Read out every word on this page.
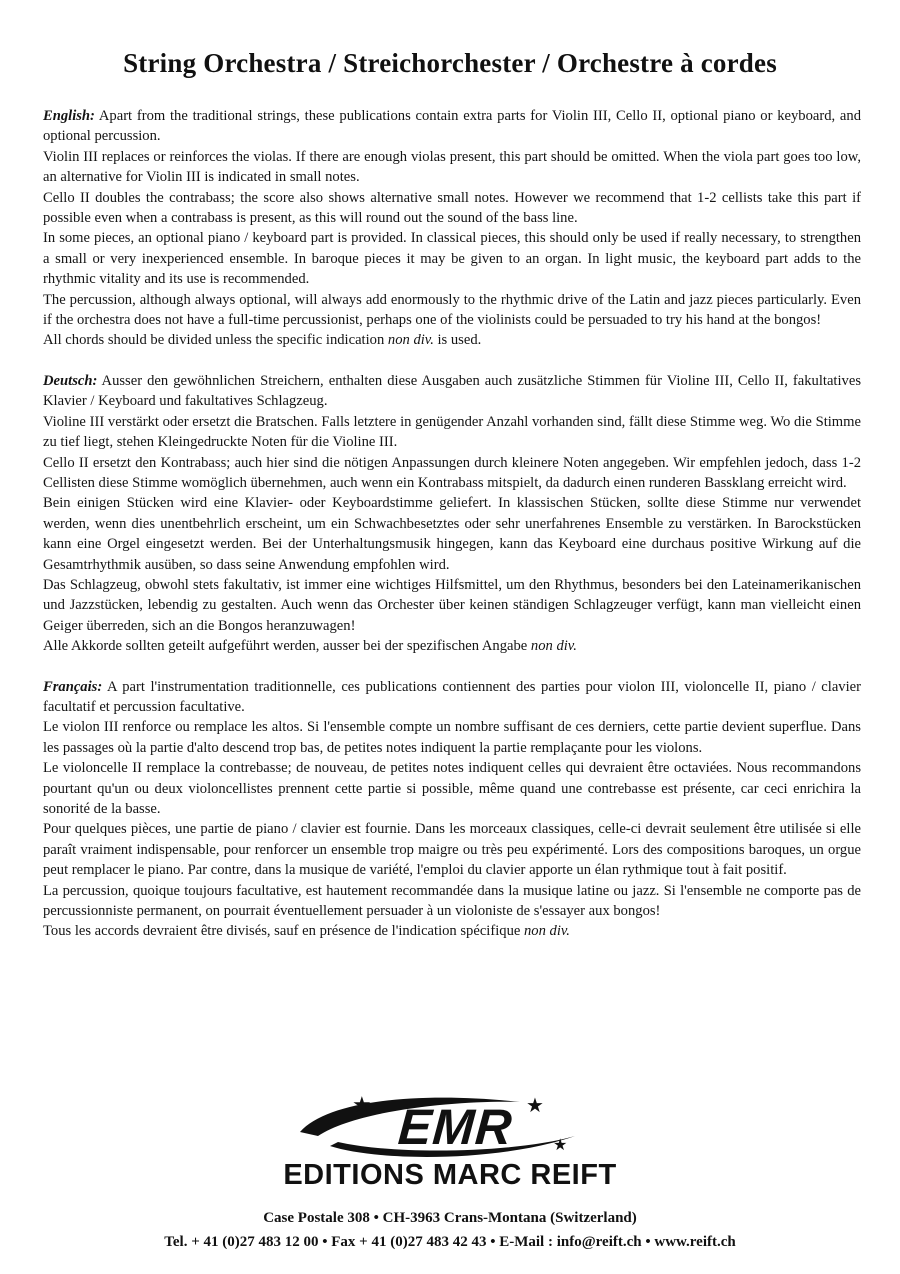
String Orchestra / Streichorchester / Orchestre à cordes

English: Apart from the traditional strings, these publications contain extra parts for Violin III, Cello II, optional piano or keyboard, and optional percussion.

Violin III replaces or reinforces the violas. If there are enough violas present, this part should be omitted. When the viola part goes too low, an alternative for Violin III is indicated in small notes.

Cello II doubles the contrabass; the score also shows alternative small notes. However we recommend that 1-2 cellists take this part if possible even when a contrabass is present, as this will round out the sound of the bass line.

In some pieces, an optional piano / keyboard part is provided. In classical pieces, this should only be used if really necessary, to strengthen a small or very inexperienced ensemble. In baroque pieces it may be given to an organ. In light music, the keyboard part adds to the rhythmic vitality and its use is recommended.

The percussion, although always optional, will always add enormously to the rhythmic drive of the Latin and jazz pieces particularly. Even if the orchestra does not have a full-time percussionist, perhaps one of the violinists could be persuaded to try his hand at the bongos!

All chords should be divided unless the specific indication non div. is used.

Deutsch: Ausser den gewöhnlichen Streichern, enthalten diese Ausgaben auch zusätzliche Stimmen für Violine III, Cello II, fakultatives Klavier / Keyboard und fakultatives Schlagzeug.

Violine III verstärkt oder ersetzt die Bratschen. Falls letztere in genügender Anzahl vorhanden sind, fällt diese Stimme weg. Wo die Stimme zu tief liegt, stehen Kleingedruckte Noten für die Violine III.

Cello II ersetzt den Kontrabass; auch hier sind die nötigen Anpassungen durch kleinere Noten angegeben. Wir empfehlen jedoch, dass 1-2 Cellisten diese Stimme womöglich übernehmen, auch wenn ein Kontrabass mitspielt, da dadurch einen runderen Bassklang erreicht wird.

Bein einigen Stücken wird eine Klavier- oder Keyboardstimme geliefert. In klassischen Stücken, sollte diese Stimme nur verwendet werden, wenn dies unentbehrlich erscheint, um ein Schwachbesetztes oder sehr unerfahrenes Ensemble zu verstärken. In Barockstücken kann eine Orgel eingesetzt werden. Bei der Unterhaltungsmusik hingegen, kann das Keyboard eine durchaus positive Wirkung auf die Gesamtrhythmik ausüben, so dass seine Anwendung empfohlen wird.

Das Schlagzeug, obwohl stets fakultativ, ist immer eine wichtiges Hilfsmittel, um den Rhythmus, besonders bei den Lateinamerikanischen und Jazzstücken, lebendig zu gestalten. Auch wenn das Orchester über keinen ständigen Schlagzeuger verfügt, kann man vielleicht einen Geiger überreden, sich an die Bongos heranzuwagen!

Alle Akkorde sollten geteilt aufgeführt werden, ausser bei der spezifischen Angabe non div.

Français: A part l'instrumentation traditionnelle, ces publications contiennent des parties pour violon III, violoncelle II, piano / clavier facultatif et percussion facultative.

Le violon III renforce ou remplace les altos. Si l'ensemble compte un nombre suffisant de ces derniers, cette partie devient superflue. Dans les passages où la partie d'alto descend trop bas, de petites notes indiquent la partie remplaçante pour les violons.

Le violoncelle II remplace la contrebasse; de nouveau, de petites notes indiquent celles qui devraient être octaviées. Nous recommandons pourtant qu'un ou deux violoncellistes prennent cette partie si possible, même quand une contrebasse est présente, car ceci enrichira la sonorité de la basse.

Pour quelques pièces, une partie de piano / clavier est fournie. Dans les morceaux classiques, celle-ci devrait seulement être utilisée si elle paraît vraiment indispensable, pour renforcer un ensemble trop maigre ou très peu expérimenté. Lors des compositions baroques, un orgue peut remplacer le piano. Par contre, dans la musique de variété, l'emploi du clavier apporte un élan rythmique tout à fait positif.

La percussion, quoique toujours facultative, est hautement recommandée dans la musique latine ou jazz. Si l'ensemble ne comporte pas de percussionniste permanent, on pourrait éventuellement persuader à un violoniste de s'essayer aux bongos!

Tous les accords devraient être divisés, sauf en présence de l'indication spécifique non div.

★	★
★
EMR
EDITIONS MARC REIFT
Case Postale 308 • CH-3963 Crans-Montana (Switzerland)
Tel. + 41 (0)27 483 12 00 • Fax + 41 (0)27 483 42 43 • E-Mail : info@reift.ch • www.reift.ch
